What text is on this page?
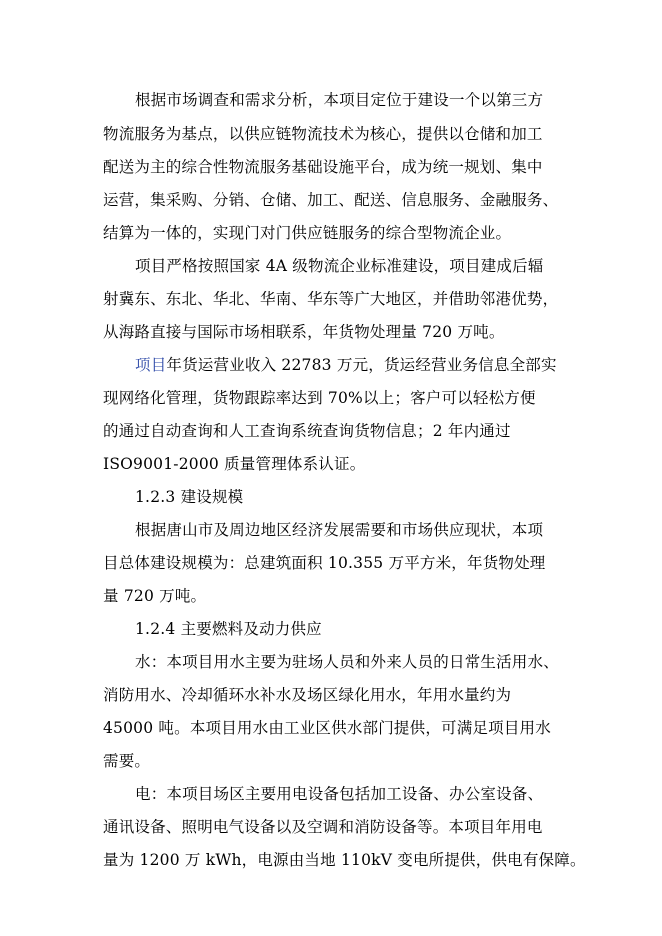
根据市场调查和需求分析，本项目定位于建设一个以第三方
物流服务为基点，以供应链物流技术为核心，提供以仓储和加工
配送为主的综合性物流服务基础设施平台，成为统一规划、集中
运营，集采购、分销、仓储、加工、配送、信息服务、金融服务、
结算为一体的，实现门对门供应链服务的综合型物流企业。
项目严格按照国家 4A 级物流企业标准建设，项目建成后辐
射冀东、东北、华北、华南、华东等广大地区，并借助邻港优势，
从海路直接与国际市场相联系，年货物处理量 720 万吨。
项目年货运营业收入 22783 万元，货运经营业务信息全部实
现网络化管理，货物跟踪率达到 70%以上；客户可以轻松方便
的通过自动查询和人工查询系统查询货物信息；2 年内通过
ISO9001-2000 质量管理体系认证。
1.2.3 建设规模
根据唐山市及周边地区经济发展需要和市场供应现状，本项
目总体建设规模为：总建筑面积 10.355 万平方米，年货物处理
量 720 万吨。
1.2.4 主要燃料及动力供应
水：本项目用水主要为驻场人员和外来人员的日常生活用水、
消防用水、冷却循环水补水及场区绿化用水，年用水量约为
45000 吨。本项目用水由工业区供水部门提供，可满足项目用水
需要。
电：本项目场区主要用电设备包括加工设备、办公室设备、
通讯设备、照明电气设备以及空调和消防设备等。本项目年用电
量为 1200 万 kWh，电源由当地 110kV 变电所提供，供电有保障。
